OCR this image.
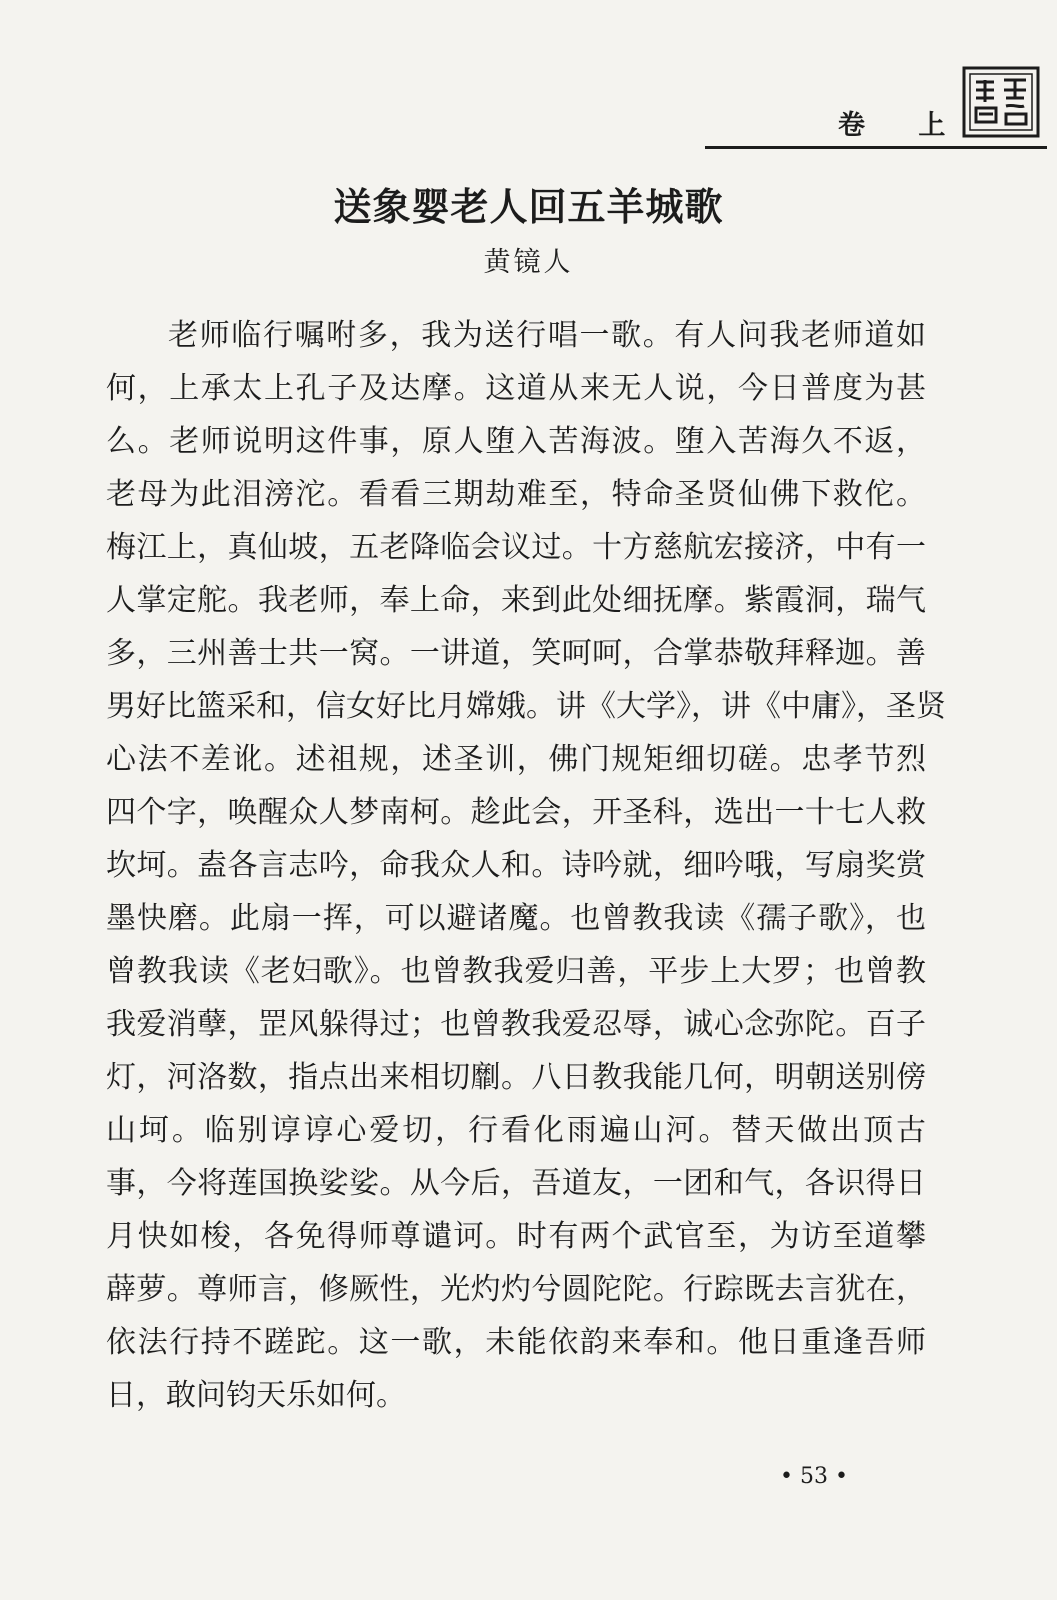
卷 上
送象婴老人回五羊城歌
黄镜人
老师临行嘱咐多，我为送行唱一歌。有人问我老师道如
何，上承太上孔子及达摩。这道从来无人说，今日普度为甚
么。老师说明这件事，原人堕入苦海波。堕入苦海久不返，
老母为此泪滂沱。看看三期劫难至，特命圣贤仙佛下救佗。
梅江上，真仙坡，五老降临会议过。十方慈航宏接济，中有一
人掌定舵。我老师，奉上命，来到此处细抚摩。紫霞洞，瑞气
多，三州善士共一窝。一讲道，笑呵呵，合掌恭敬拜释迦。善
男好比篮采和，信女好比月嫦娥。讲《大学》，讲《中庸》，圣贤
心法不差讹。述祖规，述圣训，佛门规矩细切磋。忠孝节烈
四个字，唤醒众人梦南柯。趁此会，开圣科，选出一十七人救
坎坷。盍各言志吟，命我众人和。诗吟就，细吟哦，写扇奖赏
墨快磨。此扇一挥，可以避诸魔。也曾教我读《孺子歌》，也
曾教我读《老妇歌》。也曾教我爱归善，平步上大罗；也曾教
我爱消孽，罡风躲得过；也曾教我爱忍辱，诚心念弥陀。百子
灯，河洛数，指点出来相切劘。八日教我能几何，明朝送别傍
山坷。临别谆谆心爱切，行看化雨遍山河。替天做出顶古
事，今将莲国换娑娑。从今后，吾道友，一团和气，各识得日
月快如梭，各免得师尊谴诃。时有两个武官至，为访至道攀
薜萝。尊师言，修厥性，光灼灼兮圆陀陀。行踪既去言犹在，
依法行持不蹉跎。这一歌，未能依韵来奉和。他日重逢吾师
日，敢问钧天乐如何。
• 53 •
